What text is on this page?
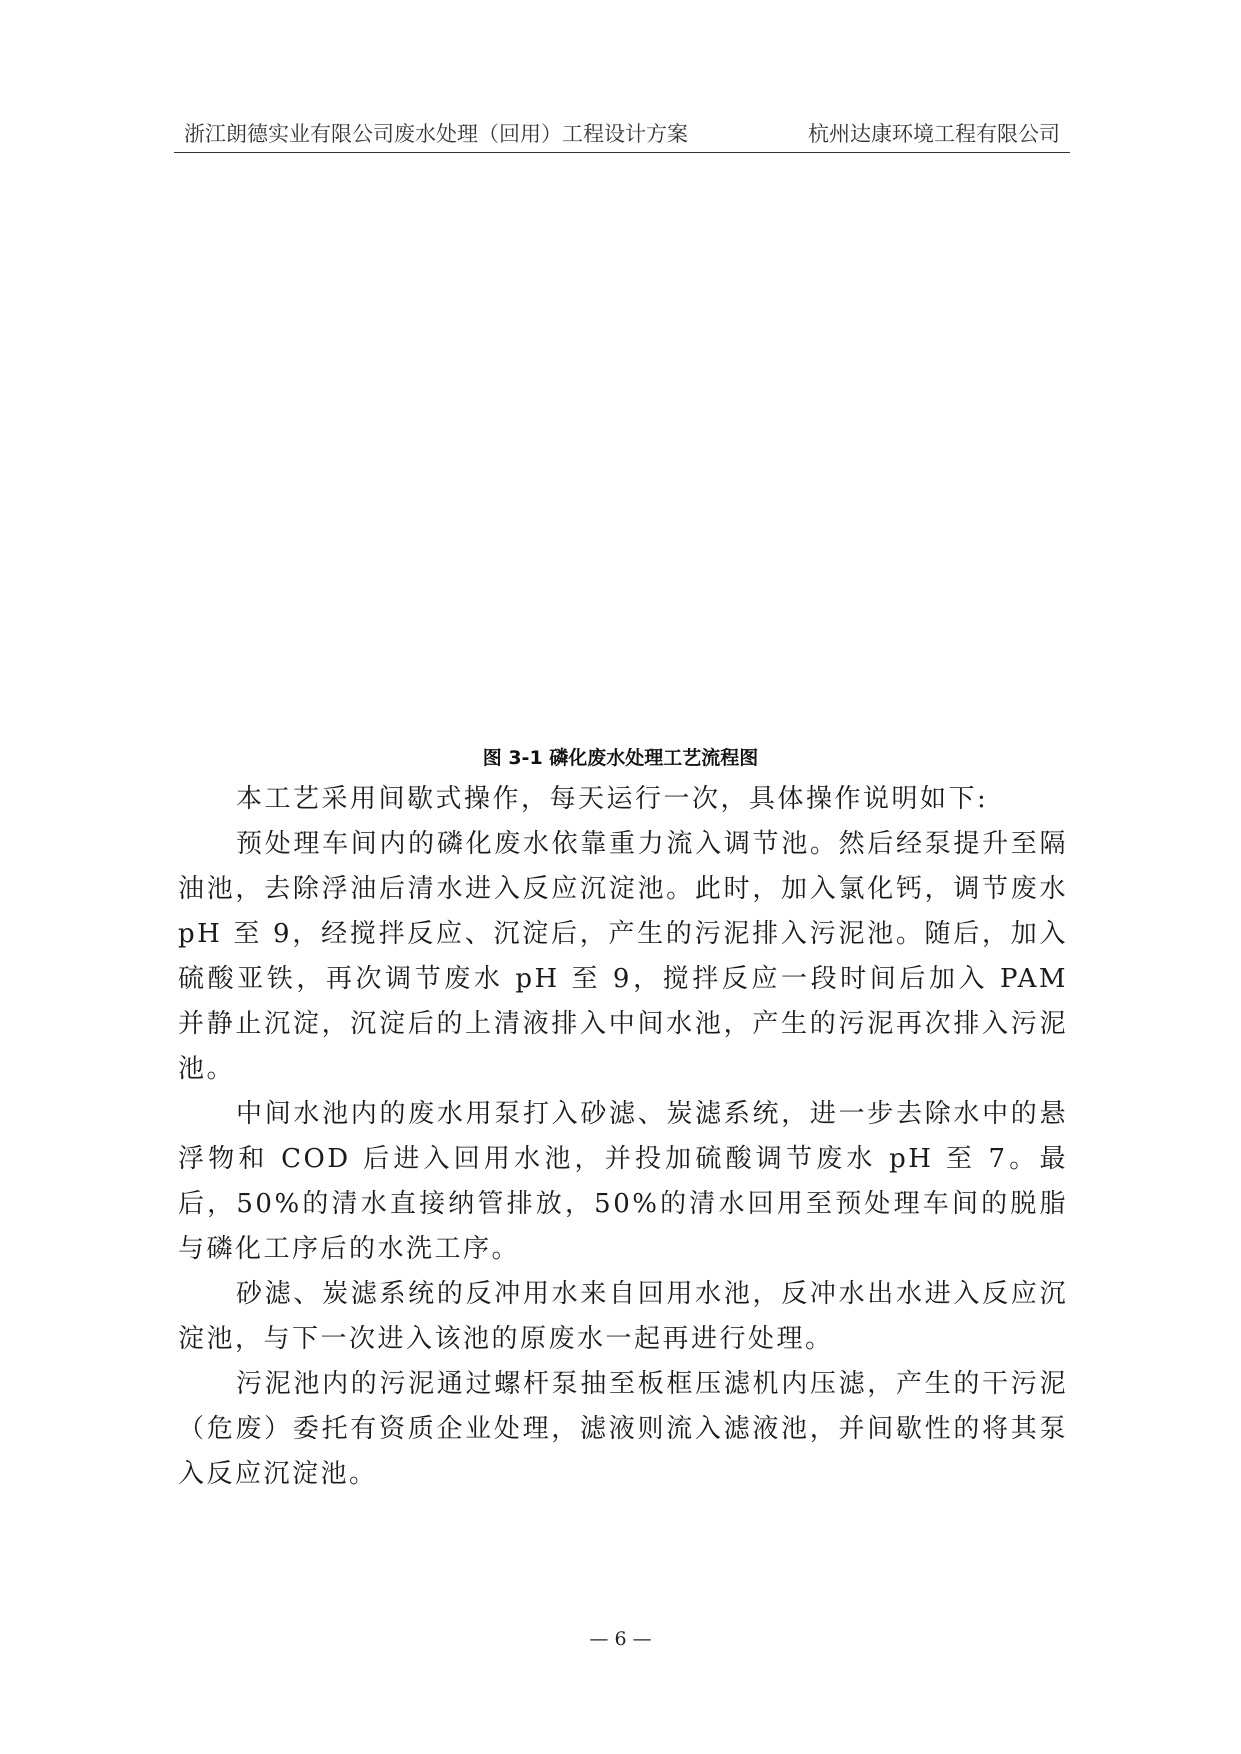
浙江朗德实业有限公司废水处理（回用）工程设计方案	杭州达康环境工程有限公司
图 3-1 磷化废水处理工艺流程图

本工艺采用间歇式操作，每天运行一次，具体操作说明如下:

预处理车间内的磷化废水依靠重力流入调节池。然后经泵提升至隔油池，去除浮油后清水进入反应沉淀池。此时，加入氯化钙，调节废水 pH 至 9，经搅拌反应、沉淀后，产生的污泥排入污泥池。随后，加入硫酸亚铁，再次调节废水 pH 至 9，搅拌反应一段时间后加入 PAM 并静止沉淀，沉淀后的上清液排入中间水池，产生的污泥再次排入污泥池。

中间水池内的废水用泵打入砂滤、炭滤系统，进一步去除水中的悬浮物和 COD 后进入回用水池，并投加硫酸调节废水 pH 至 7。最后，50%的清水直接纳管排放，50%的清水回用至预处理车间的脱脂与磷化工序后的水洗工序。

砂滤、炭滤系统的反冲用水来自回用水池，反冲水出水进入反应沉淀池，与下一次进入该池的原废水一起再进行处理。

污泥池内的污泥通过螺杆泵抽至板框压滤机内压滤，产生的干污泥（危废）委托有资质企业处理，滤液则流入滤液池，并间歇性的将其泵入反应沉淀池。

— 6 —
